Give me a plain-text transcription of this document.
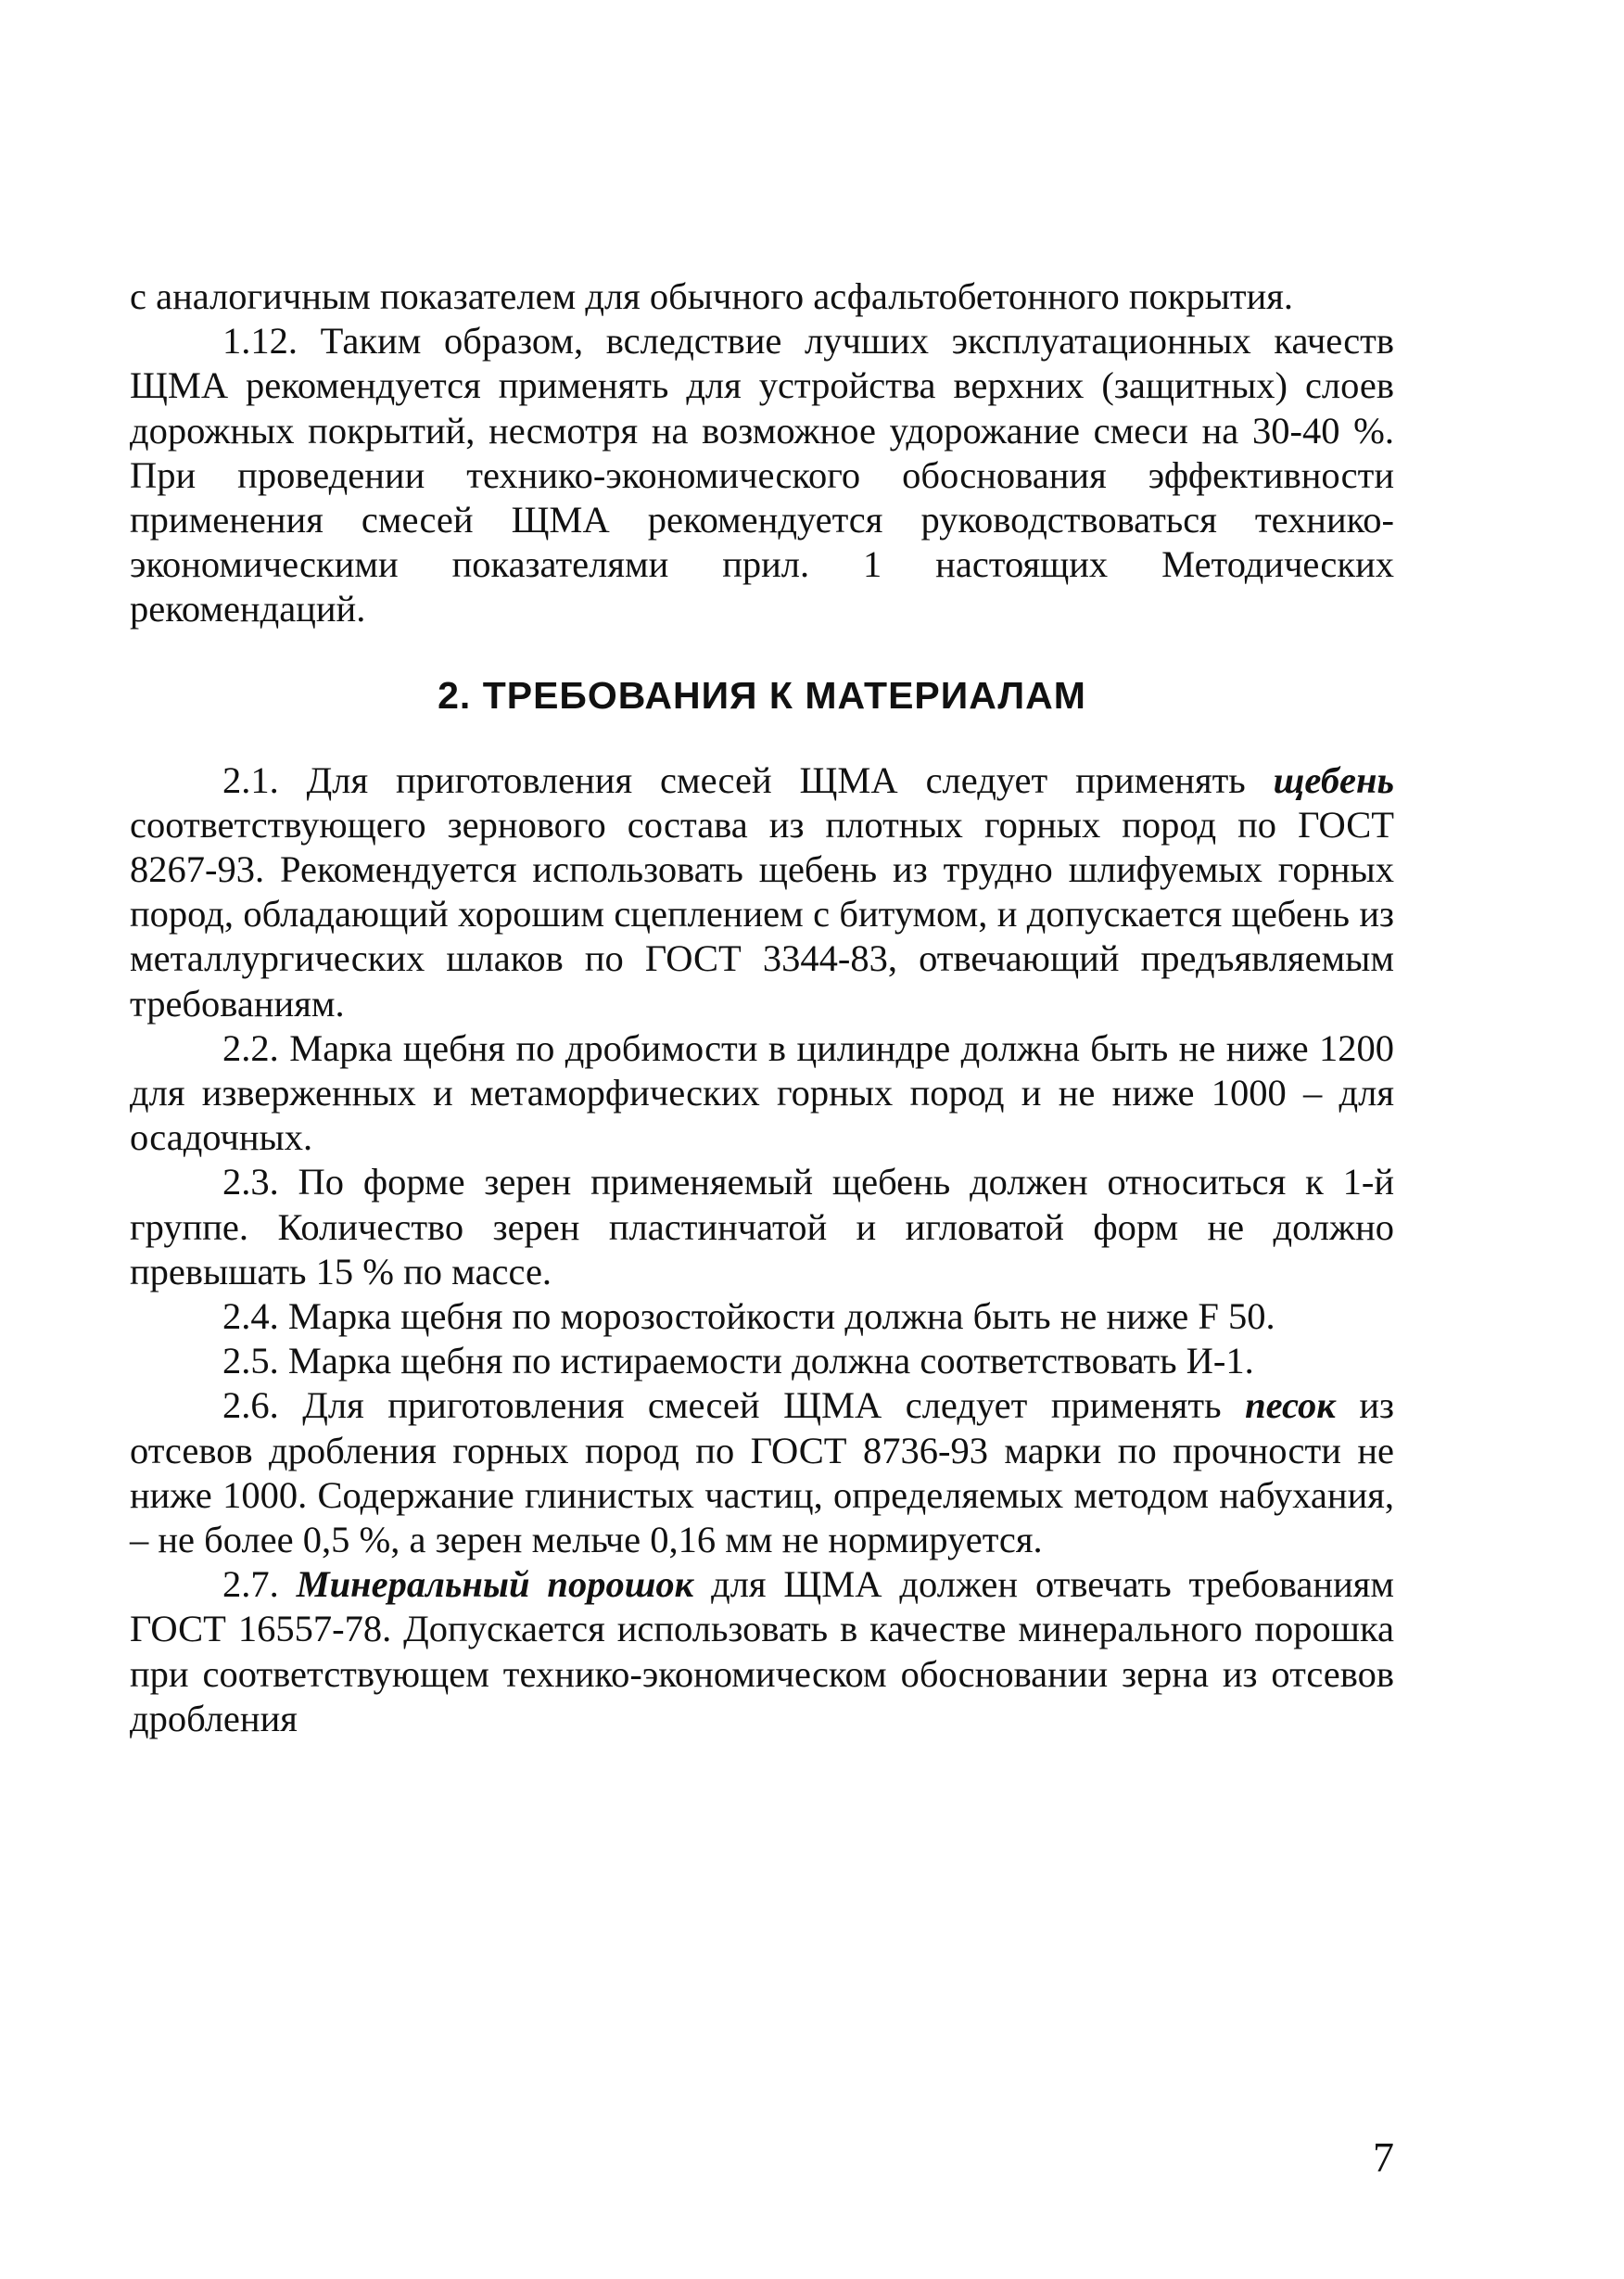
с аналогичным показателем для обычного асфальтобетонного покрытия.

1.12. Таким образом, вследствие лучших эксплуатационных качеств ЩМА рекомендуется применять для устройства верхних (защитных) слоев дорожных покрытий, несмотря на возможное удорожание смеси на 30-40 %. При проведении технико-экономического обоснования эффективности применения смесей ЩМА рекомендуется руководствоваться технико-экономическими показателями прил. 1 настоящих Методических рекомендаций.

2. ТРЕБОВАНИЯ К МАТЕРИАЛАМ

2.1. Для приготовления смесей ЩМА следует применять щебень соответствующего зернового состава из плотных горных пород по ГОСТ 8267-93. Рекомендуется использовать щебень из трудно шлифуемых горных пород, обладающий хорошим сцеплением с битумом, и допускается щебень из металлургических шлаков по ГОСТ 3344-83, отвечающий предъявляемым требованиям.

2.2. Марка щебня по дробимости в цилиндре должна быть не ниже 1200 для изверженных и метаморфических горных пород и не ниже 1000 – для осадочных.

2.3. По форме зерен применяемый щебень должен относиться к 1-й группе. Количество зерен пластинчатой и игловатой форм не должно превышать 15 % по массе.

2.4. Марка щебня по морозостойкости должна быть не ниже F 50.

2.5. Марка щебня по истираемости должна соответствовать И-1.

2.6. Для приготовления смесей ЩМА следует применять песок из отсевов дробления горных пород по ГОСТ 8736-93 марки по прочности не ниже 1000. Содержание глинистых частиц, определяемых методом набухания, – не более 0,5 %, а зерен мельче 0,16 мм не нормируется.

2.7. Минеральный порошок для ЩМА должен отвечать требованиям ГОСТ 16557-78. Допускается использовать в качестве минерального порошка при соответствующем технико-экономическом обосновании зерна из отсевов дробления

7
